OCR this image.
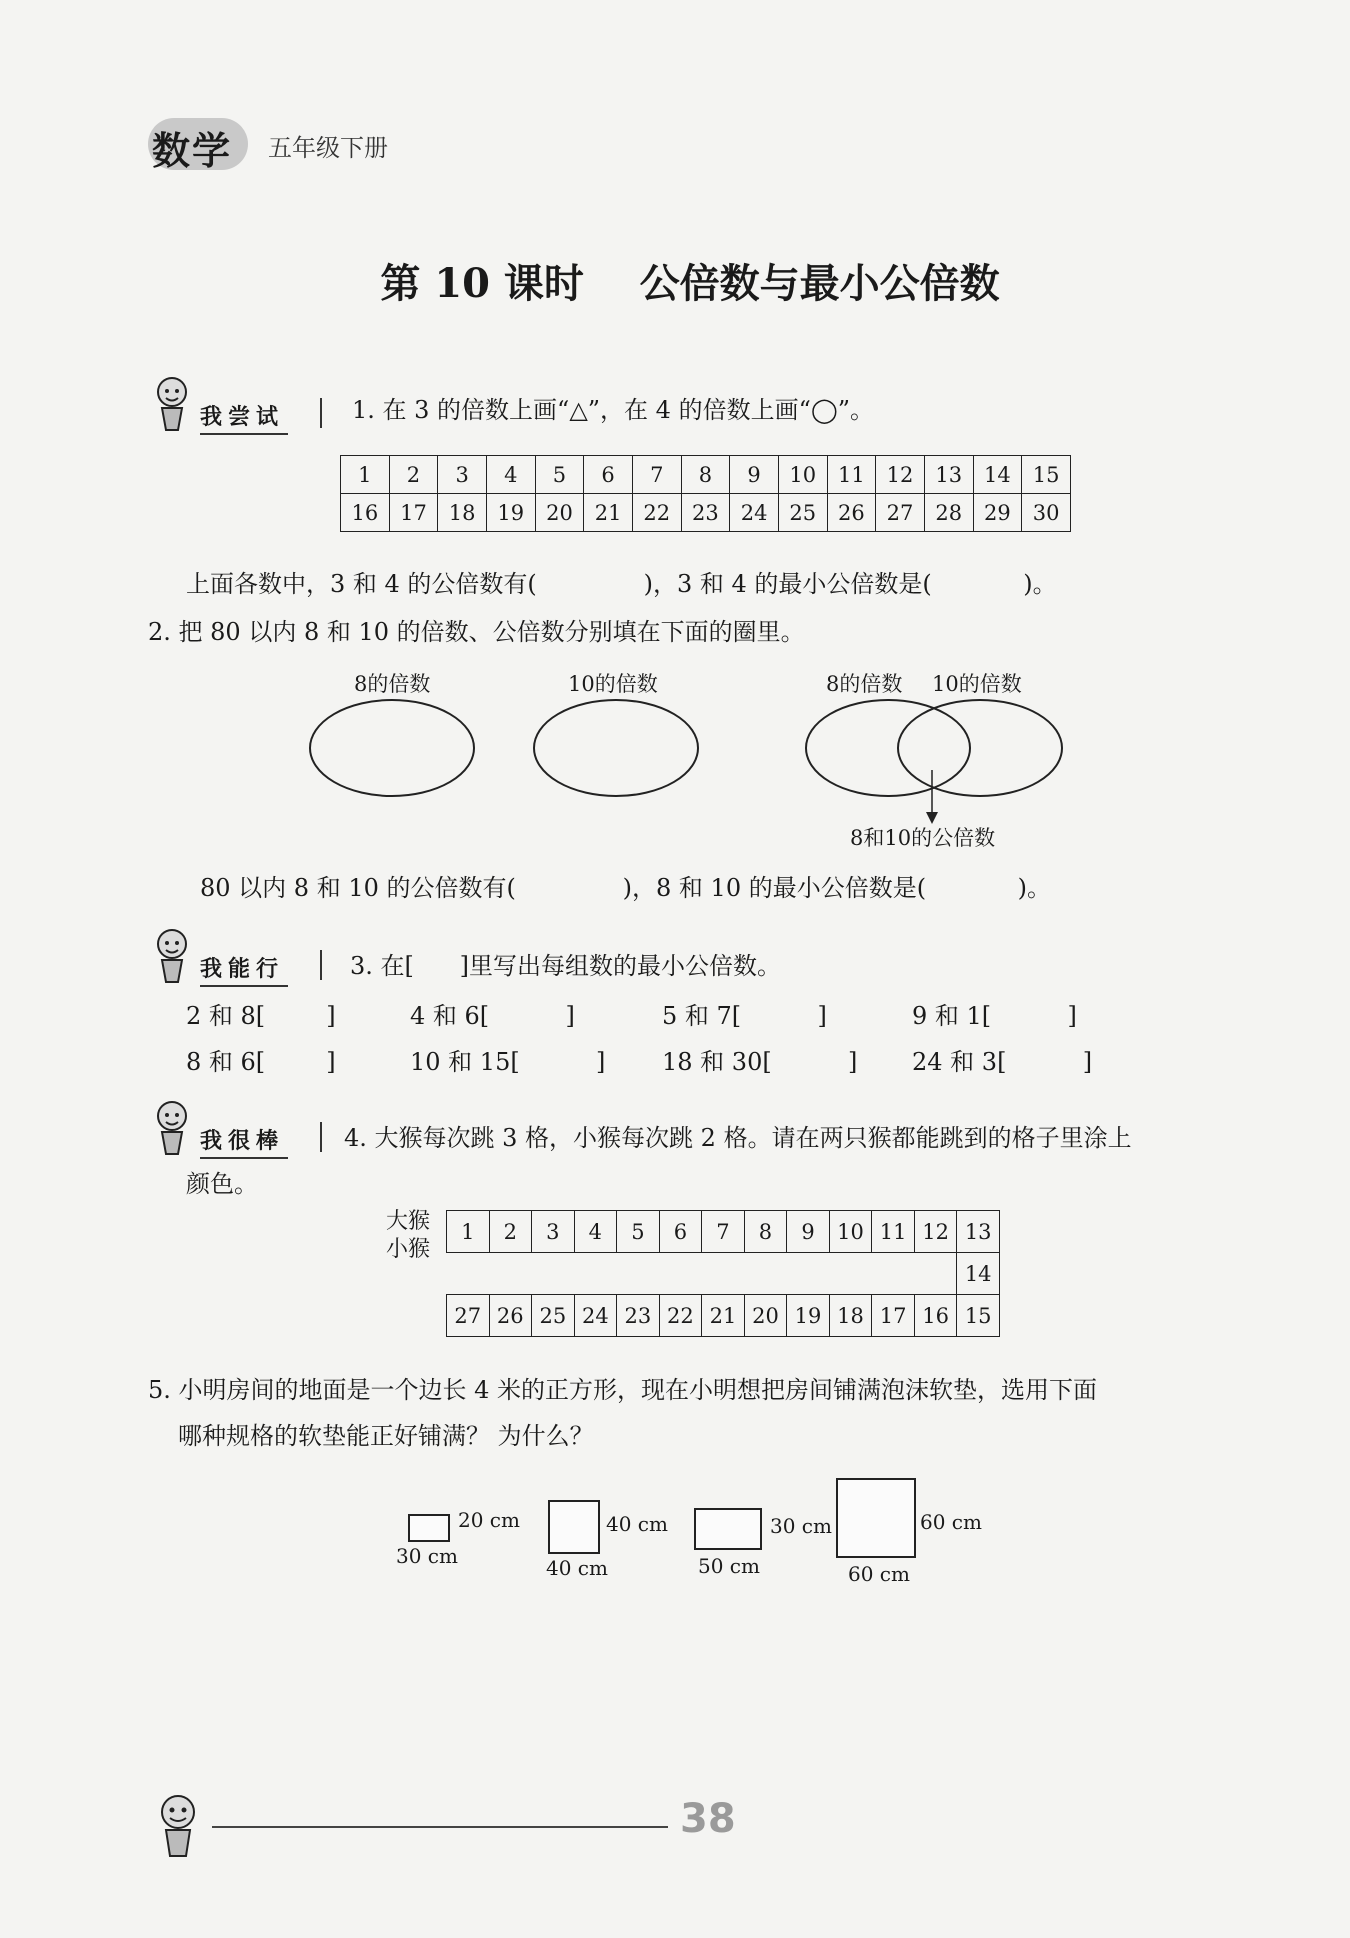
数学 五年级下册
第 10 课时    公倍数与最小公倍数
我尝试	1. 在 3 的倍数上画“△”，在 4 的倍数上画“◯”。
1	2	3	4	5	6	7	8	9	10	11	12	13	14	15
16	17	18	19	20	21	22	23	24	25	26	27	28	29	30
上面各数中，3 和 4 的公倍数有(              )，3 和 4 的最小公倍数是(            )。
2. 把 80 以内 8 和 10 的倍数、公倍数分别填在下面的圈里。
8的倍数	10的倍数	8的倍数 10的倍数
8和10的公倍数
80 以内 8 和 10 的公倍数有(              )，8 和 10 的最小公倍数是(            )。
我能行	3. 在[      ]里写出每组数的最小公倍数。
2 和 8[        ]	4 和 6[          ]	5 和 7[          ]	9 和 1[          ]
8 和 6[        ]	10 和 15[          ] 18 和 30[          ] 24 和 3[          ]
我很棒 4. 大猴每次跳 3 格，小猴每次跳 2 格。请在两只猴都能跳到的格子里涂上
颜色。
大猴
小猴
1	2	3	4	5	6	7	8	9	10	11	12	13
												14
27	26	25	24	23	22	21	20	19	18	17	16	15
5. 小明房间的地面是一个边长 4 米的正方形，现在小明想把房间铺满泡沫软垫，选用下面
哪种规格的软垫能正好铺满？ 为什么？
20 cm
30 cm
40 cm
40 cm
30 cm
50 cm
60 cm
60 cm
38
